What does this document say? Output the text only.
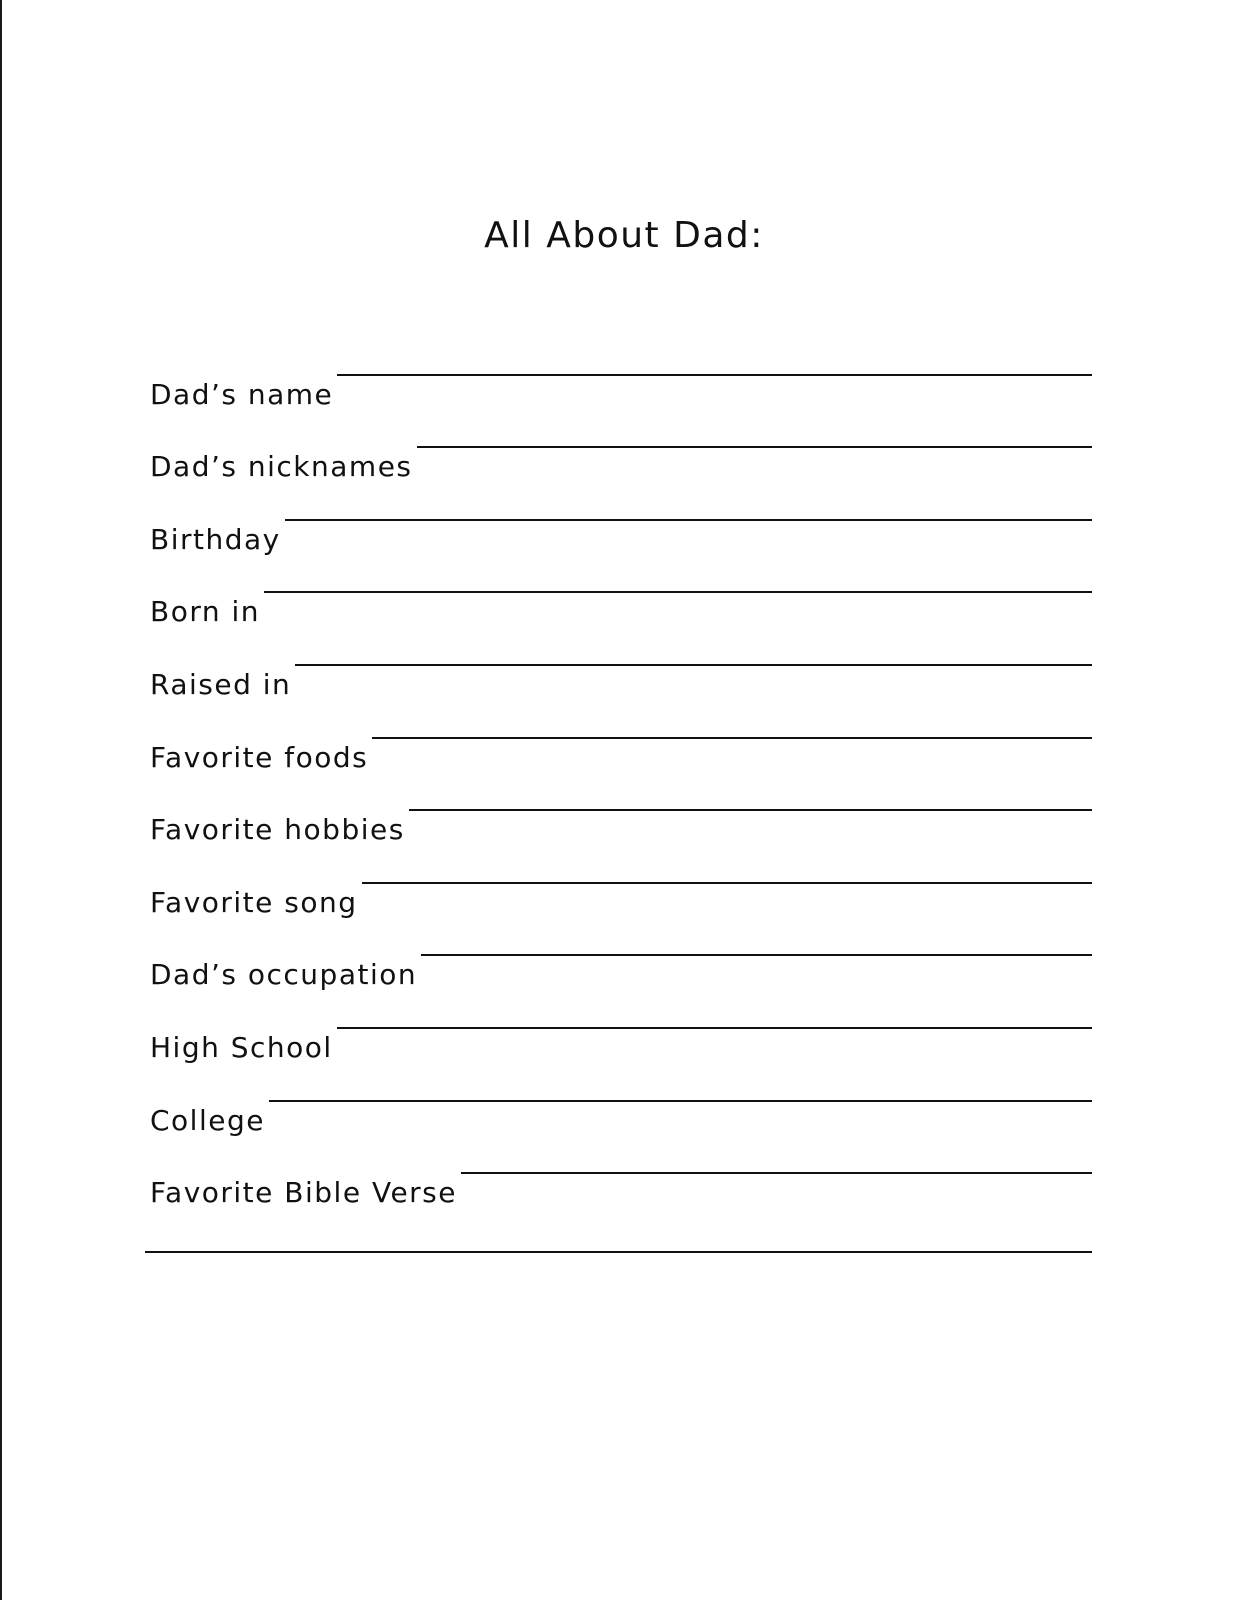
All About Dad:
Dad’s name
Dad’s nicknames
Birthday
Born in
Raised in
Favorite foods
Favorite hobbies
Favorite song
Dad’s occupation
High School
College
Favorite Bible Verse
